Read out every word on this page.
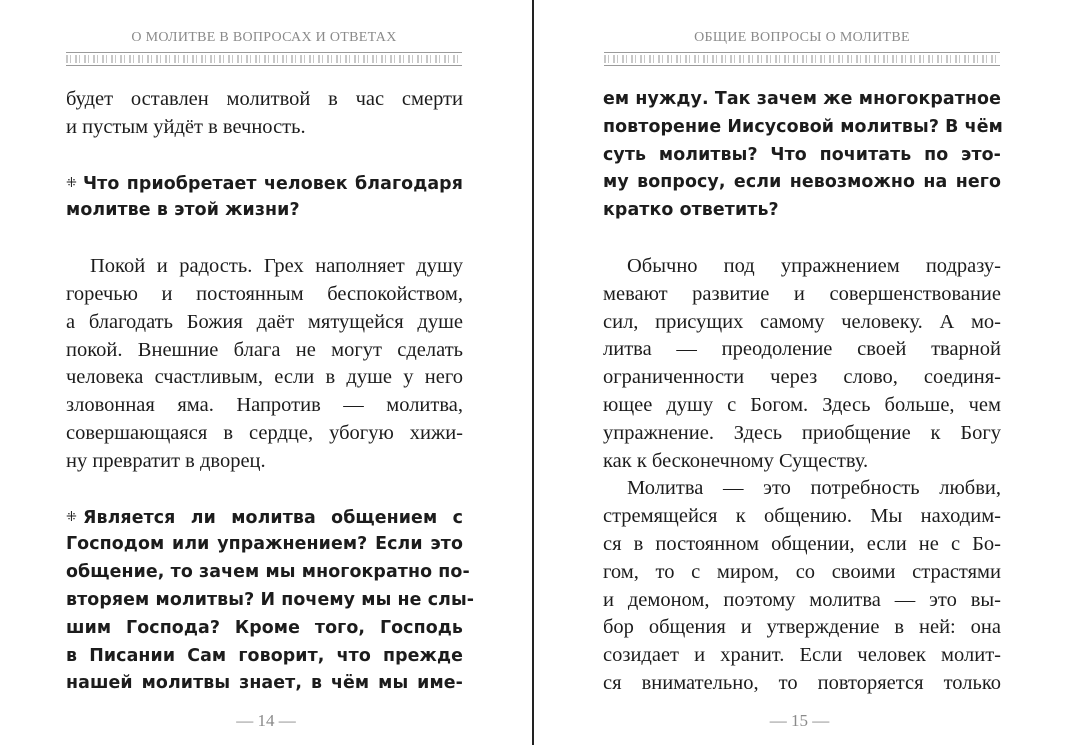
О МОЛИТВЕ В ВОПРОСАХ И ОТВЕТАХ
будет оставлен молитвой в час смерти
и пустым уйдёт в вечность.
⁜ Что приобретает человек благодаря
молитве в этой жизни?
Покой и радость. Грех наполняет душу
горечью и постоянным беспокойством,
а благодать Божия даёт мятущейся душе
покой. Внешние блага не могут сделать
человека счастливым, если в душе у него
зловонная яма. Напротив — молитва,
совершающаяся в сердце, убогую хижи-
ну превратит в дворец.
⁜ Является ли молитва общением с
Господом или упражнением? Если это
общение, то зачем мы многократно по-
вторяем молитвы? И почему мы не слы-
шим Господа? Кроме того, Господь
в Писании Сам говорит, что прежде
нашей молитвы знает, в чём мы име-
— 14 —
ОБЩИЕ ВОПРОСЫ О МОЛИТВЕ
ем нужду. Так зачем же многократное
повторение Иисусовой молитвы? В чём
суть молитвы? Что почитать по это-
му вопросу, если невозможно на него
кратко ответить?
Обычно под упражнением подразу-
мевают развитие и совершенствование
сил, присущих самому человеку. А мо-
литва — преодоление своей тварной
ограниченности через слово, соединя-
ющее душу с Богом. Здесь больше, чем
упражнение. Здесь приобщение к Богу
как к бесконечному Существу.
Молитва — это потребность любви,
стремящейся к общению. Мы находим-
ся в постоянном общении, если не с Бо-
гом, то с миром, со своими страстями
и демоном, поэтому молитва — это вы-
бор общения и утверждение в ней: она
созидает и хранит. Если человек молит-
ся внимательно, то повторяется только
— 15 —
